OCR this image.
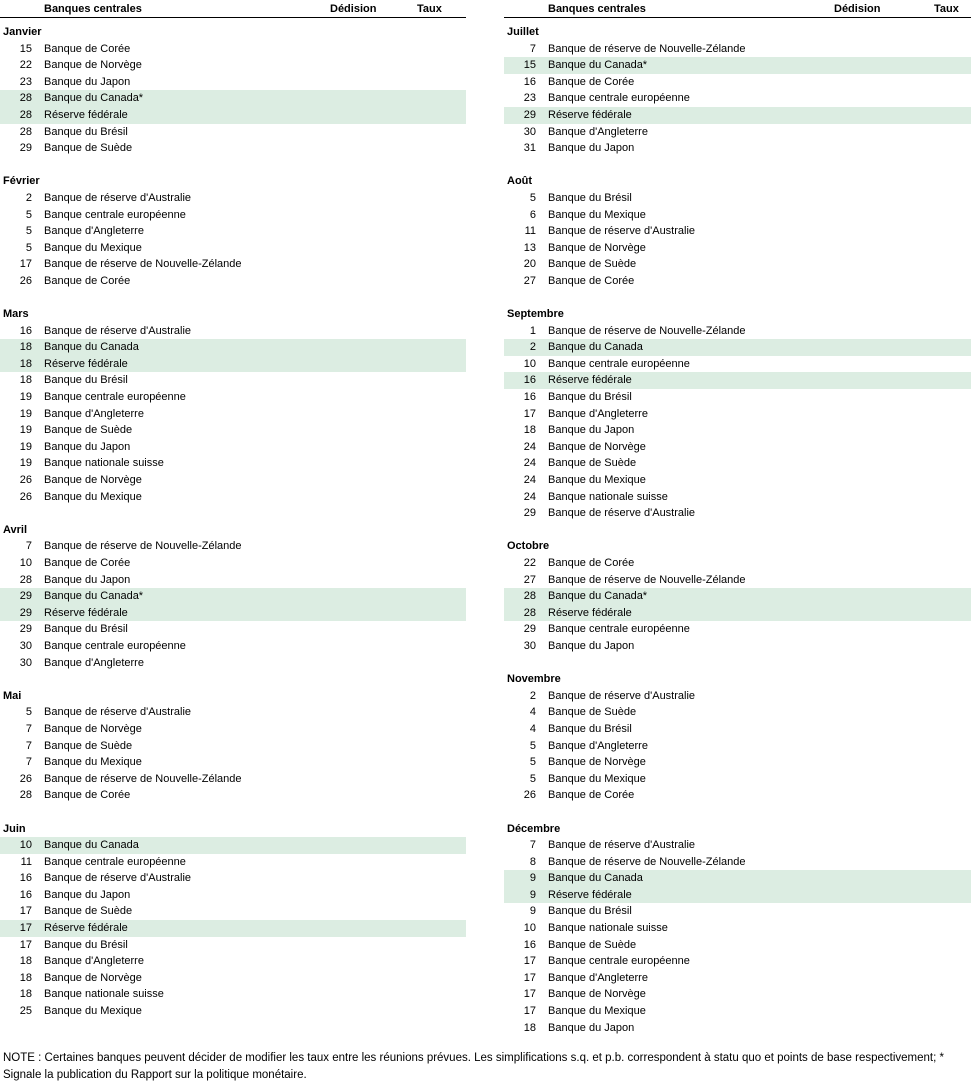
Banques centrales	Dédision	Taux
Janvier
15 Banque de Corée
22 Banque de Norvège
23 Banque du Japon
28 Banque du Canada*
28 Réserve fédérale
28 Banque du Brésil
29 Banque de Suède
Février
2 Banque de réserve d'Australie
5 Banque centrale européenne
5 Banque d'Angleterre
5 Banque du Mexique
17 Banque de réserve de Nouvelle-Zélande
26 Banque de Corée
Mars
16 Banque de réserve d'Australie
18 Banque du Canada
18 Réserve fédérale
18 Banque du Brésil
19 Banque centrale européenne
19 Banque d'Angleterre
19 Banque de Suède
19 Banque du Japon
19 Banque nationale suisse
26 Banque de Norvège
26 Banque du Mexique
Avril
7 Banque de réserve de Nouvelle-Zélande
10 Banque de Corée
28 Banque du Japon
29 Banque du Canada*
29 Réserve fédérale
29 Banque du Brésil
30 Banque centrale européenne
30 Banque d'Angleterre
Mai
5 Banque de réserve d'Australie
7 Banque de Norvège
7 Banque de Suède
7 Banque du Mexique
26 Banque de réserve de Nouvelle-Zélande
28 Banque de Corée
Juin
10 Banque du Canada
11 Banque centrale européenne
16 Banque de réserve d'Australie
16 Banque du Japon
17 Banque de Suède
17 Réserve fédérale
17 Banque du Brésil
18 Banque d'Angleterre
18 Banque de Norvège
18 Banque nationale suisse
25 Banque du Mexique
Banques centrales	Dédision	Taux
Juillet
7 Banque de réserve de Nouvelle-Zélande
15 Banque du Canada*
16 Banque de Corée
23 Banque centrale européenne
29 Réserve fédérale
30 Banque d'Angleterre
31 Banque du Japon
Août
5 Banque du Brésil
6 Banque du Mexique
11 Banque de réserve d'Australie
13 Banque de Norvège
20 Banque de Suède
27 Banque de Corée
Septembre
1 Banque de réserve de Nouvelle-Zélande
2 Banque du Canada
10 Banque centrale européenne
16 Réserve fédérale
16 Banque du Brésil
17 Banque d'Angleterre
18 Banque du Japon
24 Banque de Norvège
24 Banque de Suède
24 Banque du Mexique
24 Banque nationale suisse
29 Banque de réserve d'Australie
Octobre
22 Banque de Corée
27 Banque de réserve de Nouvelle-Zélande
28 Banque du Canada*
28 Réserve fédérale
29 Banque centrale européenne
30 Banque du Japon
Novembre
2 Banque de réserve d'Australie
4 Banque de Suède
4 Banque du Brésil
5 Banque d'Angleterre
5 Banque de Norvège
5 Banque du Mexique
26 Banque de Corée
Décembre
7 Banque de réserve d'Australie
8 Banque de réserve de Nouvelle-Zélande
9 Banque du Canada
9 Réserve fédérale
9 Banque du Brésil
10 Banque nationale suisse
16 Banque de Suède
17 Banque centrale européenne
17 Banque d'Angleterre
17 Banque de Norvège
17 Banque du Mexique
18 Banque du Japon
NOTE : Certaines banques peuvent décider de modifier les taux entre les réunions prévues. Les simplifications s.q. et p.b. correspondent à statu quo et points de base respectivement; * Signale la publication du Rapport sur la politique monétaire.
